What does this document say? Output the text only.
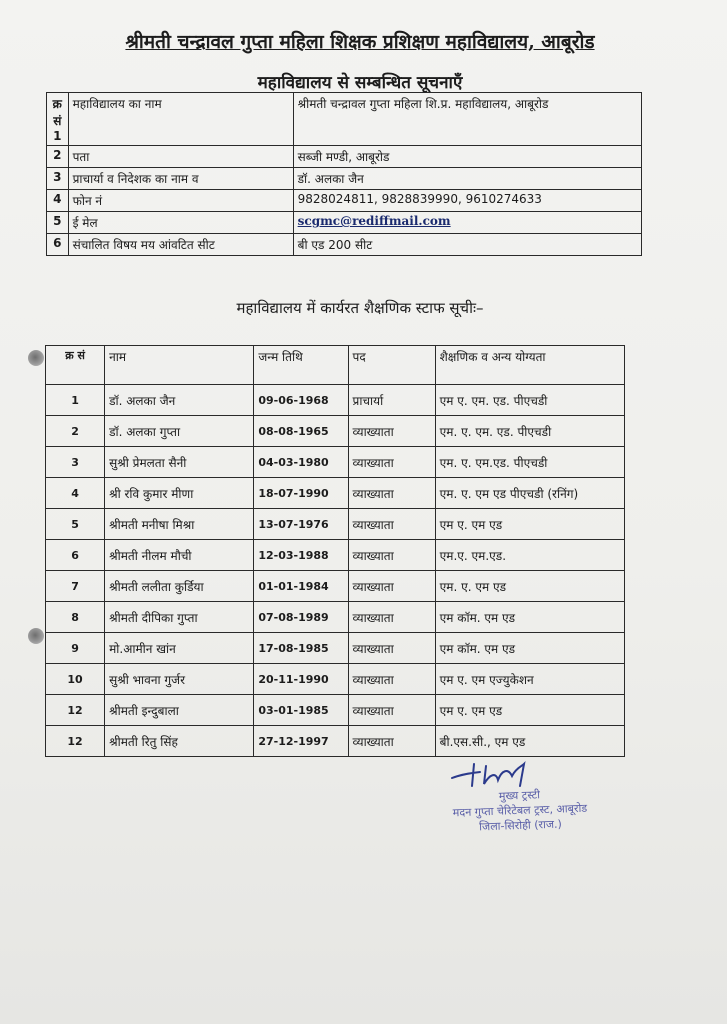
श्रीमती चन्द्रावल गुप्ता महिला शिक्षक प्रशिक्षण महाविद्यालय, आबूरोड
महाविद्यालय से सम्बन्धित सूचनाएँ
क्र सं 1	महाविद्यालय का नाम	श्रीमती चन्द्रावल गुप्ता महिला शि.प्र. महाविद्यालय, आबूरोड
2	पता	सब्जी मण्डी, आबूरोड
3	प्राचार्या व निदेशक का नाम व	डॉ. अलका जैन
4	फोन नं	9828024811, 9828839990, 9610274633
5	ई मेल	scgmc@rediffmail.com
6	संचालित विषय मय आंवटित सीट	बी एड 200 सीट
महाविद्यालय में कार्यरत शैक्षणिक स्टाफ सूचीः–
क्र सं	नाम	जन्म तिथि	पद	शैक्षणिक व अन्य योग्यता
1	डॉ. अलका जैन	09-06-1968	प्राचार्या	एम ए. एम. एड. पीएचडी
2	डॉ. अलका गुप्ता	08-08-1965	व्याख्याता	एम. ए. एम. एड. पीएचडी
3	सुश्री प्रेमलता सैनी	04-03-1980	व्याख्याता	एम. ए. एम.एड. पीएचडी
4	श्री रवि कुमार मीणा	18-07-1990	व्याख्याता	एम. ए. एम एड पीएचडी (रनिंग)
5	श्रीमती मनीषा मिश्रा	13-07-1976	व्याख्याता	एम ए. एम एड
6	श्रीमती नीलम मौची	12-03-1988	व्याख्याता	एम.ए. एम.एड.
7	श्रीमती ललीता कुर्डिया	01-01-1984	व्याख्याता	एम. ए. एम एड
8	श्रीमती दीपिका गुप्ता	07-08-1989	व्याख्याता	एम कॉम. एम एड
9	मो.आमीन खांन	17-08-1985	व्याख्याता	एम कॉम. एम एड
10	सुश्री भावना गुर्जर	20-11-1990	व्याख्याता	एम ए. एम एज्युकेशन
12	श्रीमती इन्दुबाला	03-01-1985	व्याख्याता	एम ए. एम एड
12	श्रीमती रितु सिंह	27-12-1997	व्याख्याता	बी.एस.सी., एम एड
मुख्य ट्रस्टी
मदन गुप्ता चेरिटेबल ट्रस्ट, आबूरोड
जिला-सिरोही (राज.)
